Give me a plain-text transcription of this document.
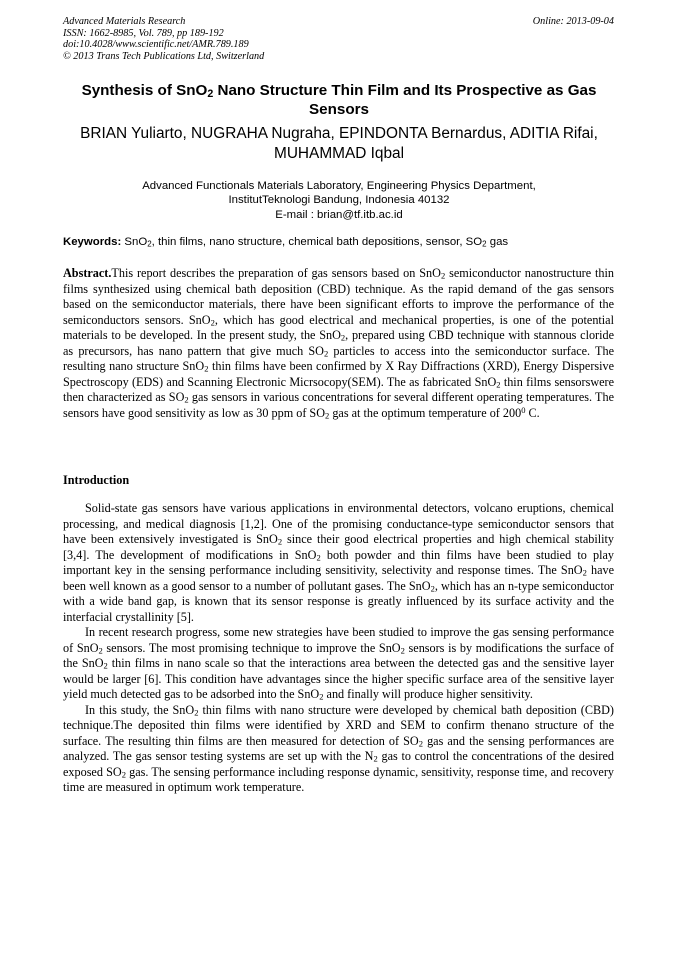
Advanced Materials Research
ISSN: 1662-8985, Vol. 789, pp 189-192
doi:10.4028/www.scientific.net/AMR.789.189
© 2013 Trans Tech Publications Ltd, Switzerland
Online: 2013-09-04
Synthesis of SnO$_2$ Nano Structure Thin Film and Its Prospective as Gas Sensors
BRIAN Yuliarto, NUGRAHA Nugraha, EPINDONTA Bernardus, ADITIA Rifai, MUHAMMAD Iqbal
Advanced Functionals Materials Laboratory, Engineering Physics Department,
InstitutTeknologi Bandung, Indonesia 40132
E-mail : brian@tf.itb.ac.id
Keywords: SnO$_2$, thin films, nano structure, chemical bath depositions, sensor, $SO_2$ gas
Abstract.This report describes the preparation of gas sensors based on SnO$_2$ semiconductor nanostructure thin films synthesized using chemical bath deposition (CBD) technique. As the rapid demand of the gas sensors based on the semiconductor materials, there have been significant efforts to improve the performance of the semiconductors sensors. SnO$_2$, which has good electrical and mechanical properties, is one of the potential materials to be developed. In the present study, the SnO$_2$, prepared using CBD technique with stannous cloride as precursors, has nano pattern that give much $SO_2$ particles to access into the semiconductor surface. The resulting nano structure SnO$_2$ thin films have been confirmed by X Ray Diffractions (XRD), Energy Dispersive Spectroscopy (EDS) and Scanning Electronic Micrsocopy(SEM). The as fabricated SnO$_2$ thin films sensorswere then characterized as $SO_2$ gas sensors in various concentrations for several different operating temperatures. The sensors have good sensitivity as low as 30 ppm of $SO_2$ gas at the optimum temperature of $200^0$ C.
Introduction

Solid-state gas sensors have various applications in environmental detectors, volcano eruptions, chemical processing, and medical diagnosis [1,2]. One of the promising conductance-type semiconductor sensors that have been extensively investigated is SnO$_2$ since their good electrical properties and high chemical stability [3,4]. The development of modifications in SnO$_2$ both powder and thin films have been studied to play important key in the sensing performance including sensitivity, selectivity and response times. The SnO$_2$ have been well known as a good sensor to a number of pollutant gases. The SnO$_2$, which has an n-type semiconductor with a wide band gap, is known that its sensor response is greatly influenced by its surface activity and the interfacial crystallinity [5].

In recent research progress, some new strategies have been studied to improve the gas sensing performance of SnO$_2$ sensors. The most promising technique to improve the SnO$_2$ sensors is by modifications the surface of the SnO$_2$ thin films in nano scale so that the interactions area between the detected gas and the sensitive layer would be larger [6]. This condition have advantages since the higher specific surface area of the sensitive layer yield much detected gas to be adsorbed into the SnO$_2$ and finally will produce higher sensitivity.

In this study, the SnO$_2$ thin films with nano structure were developed by chemical bath deposition (CBD) technique.The deposited thin films were identified by XRD and SEM to confirm thenano structure of the surface. The resulting thin films are then measured for detection of $SO_2$ gas and the sensing performances are analyzed. The gas sensor testing systems are set up with the $N_2$ gas to control the concentrations of the desired exposed $SO_2$ gas. The sensing performance including response dynamic, sensitivity, response time, and recovery time are measured in optimum work temperature.
